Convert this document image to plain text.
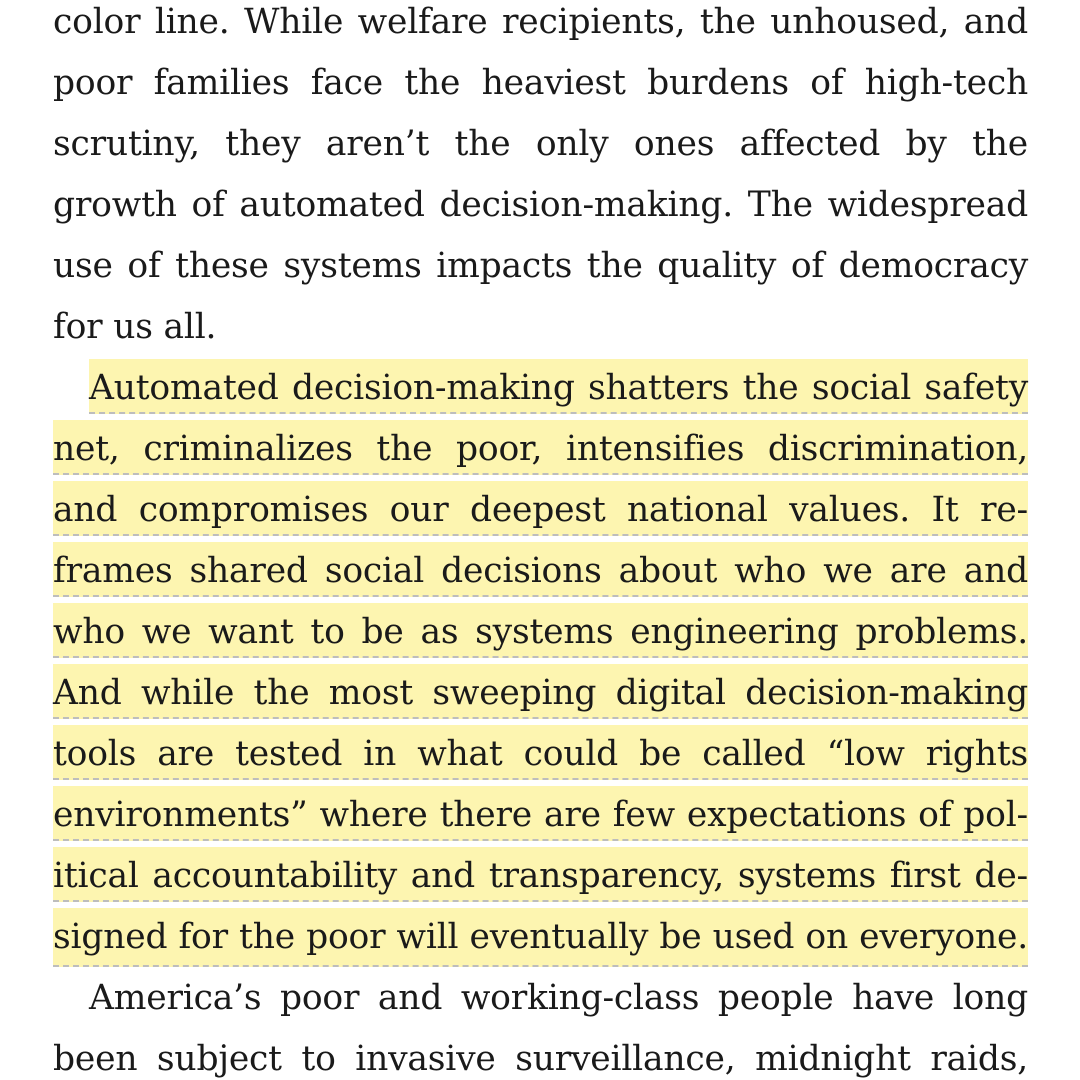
color line. While welfare recipients, the unhoused, and
poor families face the heaviest burdens of high-tech
scrutiny, they aren’t the only ones affected by the
growth of automated decision-making. The widespread
use of these systems impacts the quality of democracy
for us all.
Automated decision-making shatters the social safety
net, criminalizes the poor, intensifies discrimination,
and compromises our deepest national values. It re-
frames shared social decisions about who we are and
who we want to be as systems engineering problems.
And while the most sweeping digital decision-making
tools are tested in what could be called “low rights
environments” where there are few expectations of pol-
itical accountability and transparency, systems first de-
signed for the poor will eventually be used on everyone.
America’s poor and working-class people have long
been subject to invasive surveillance, midnight raids,
